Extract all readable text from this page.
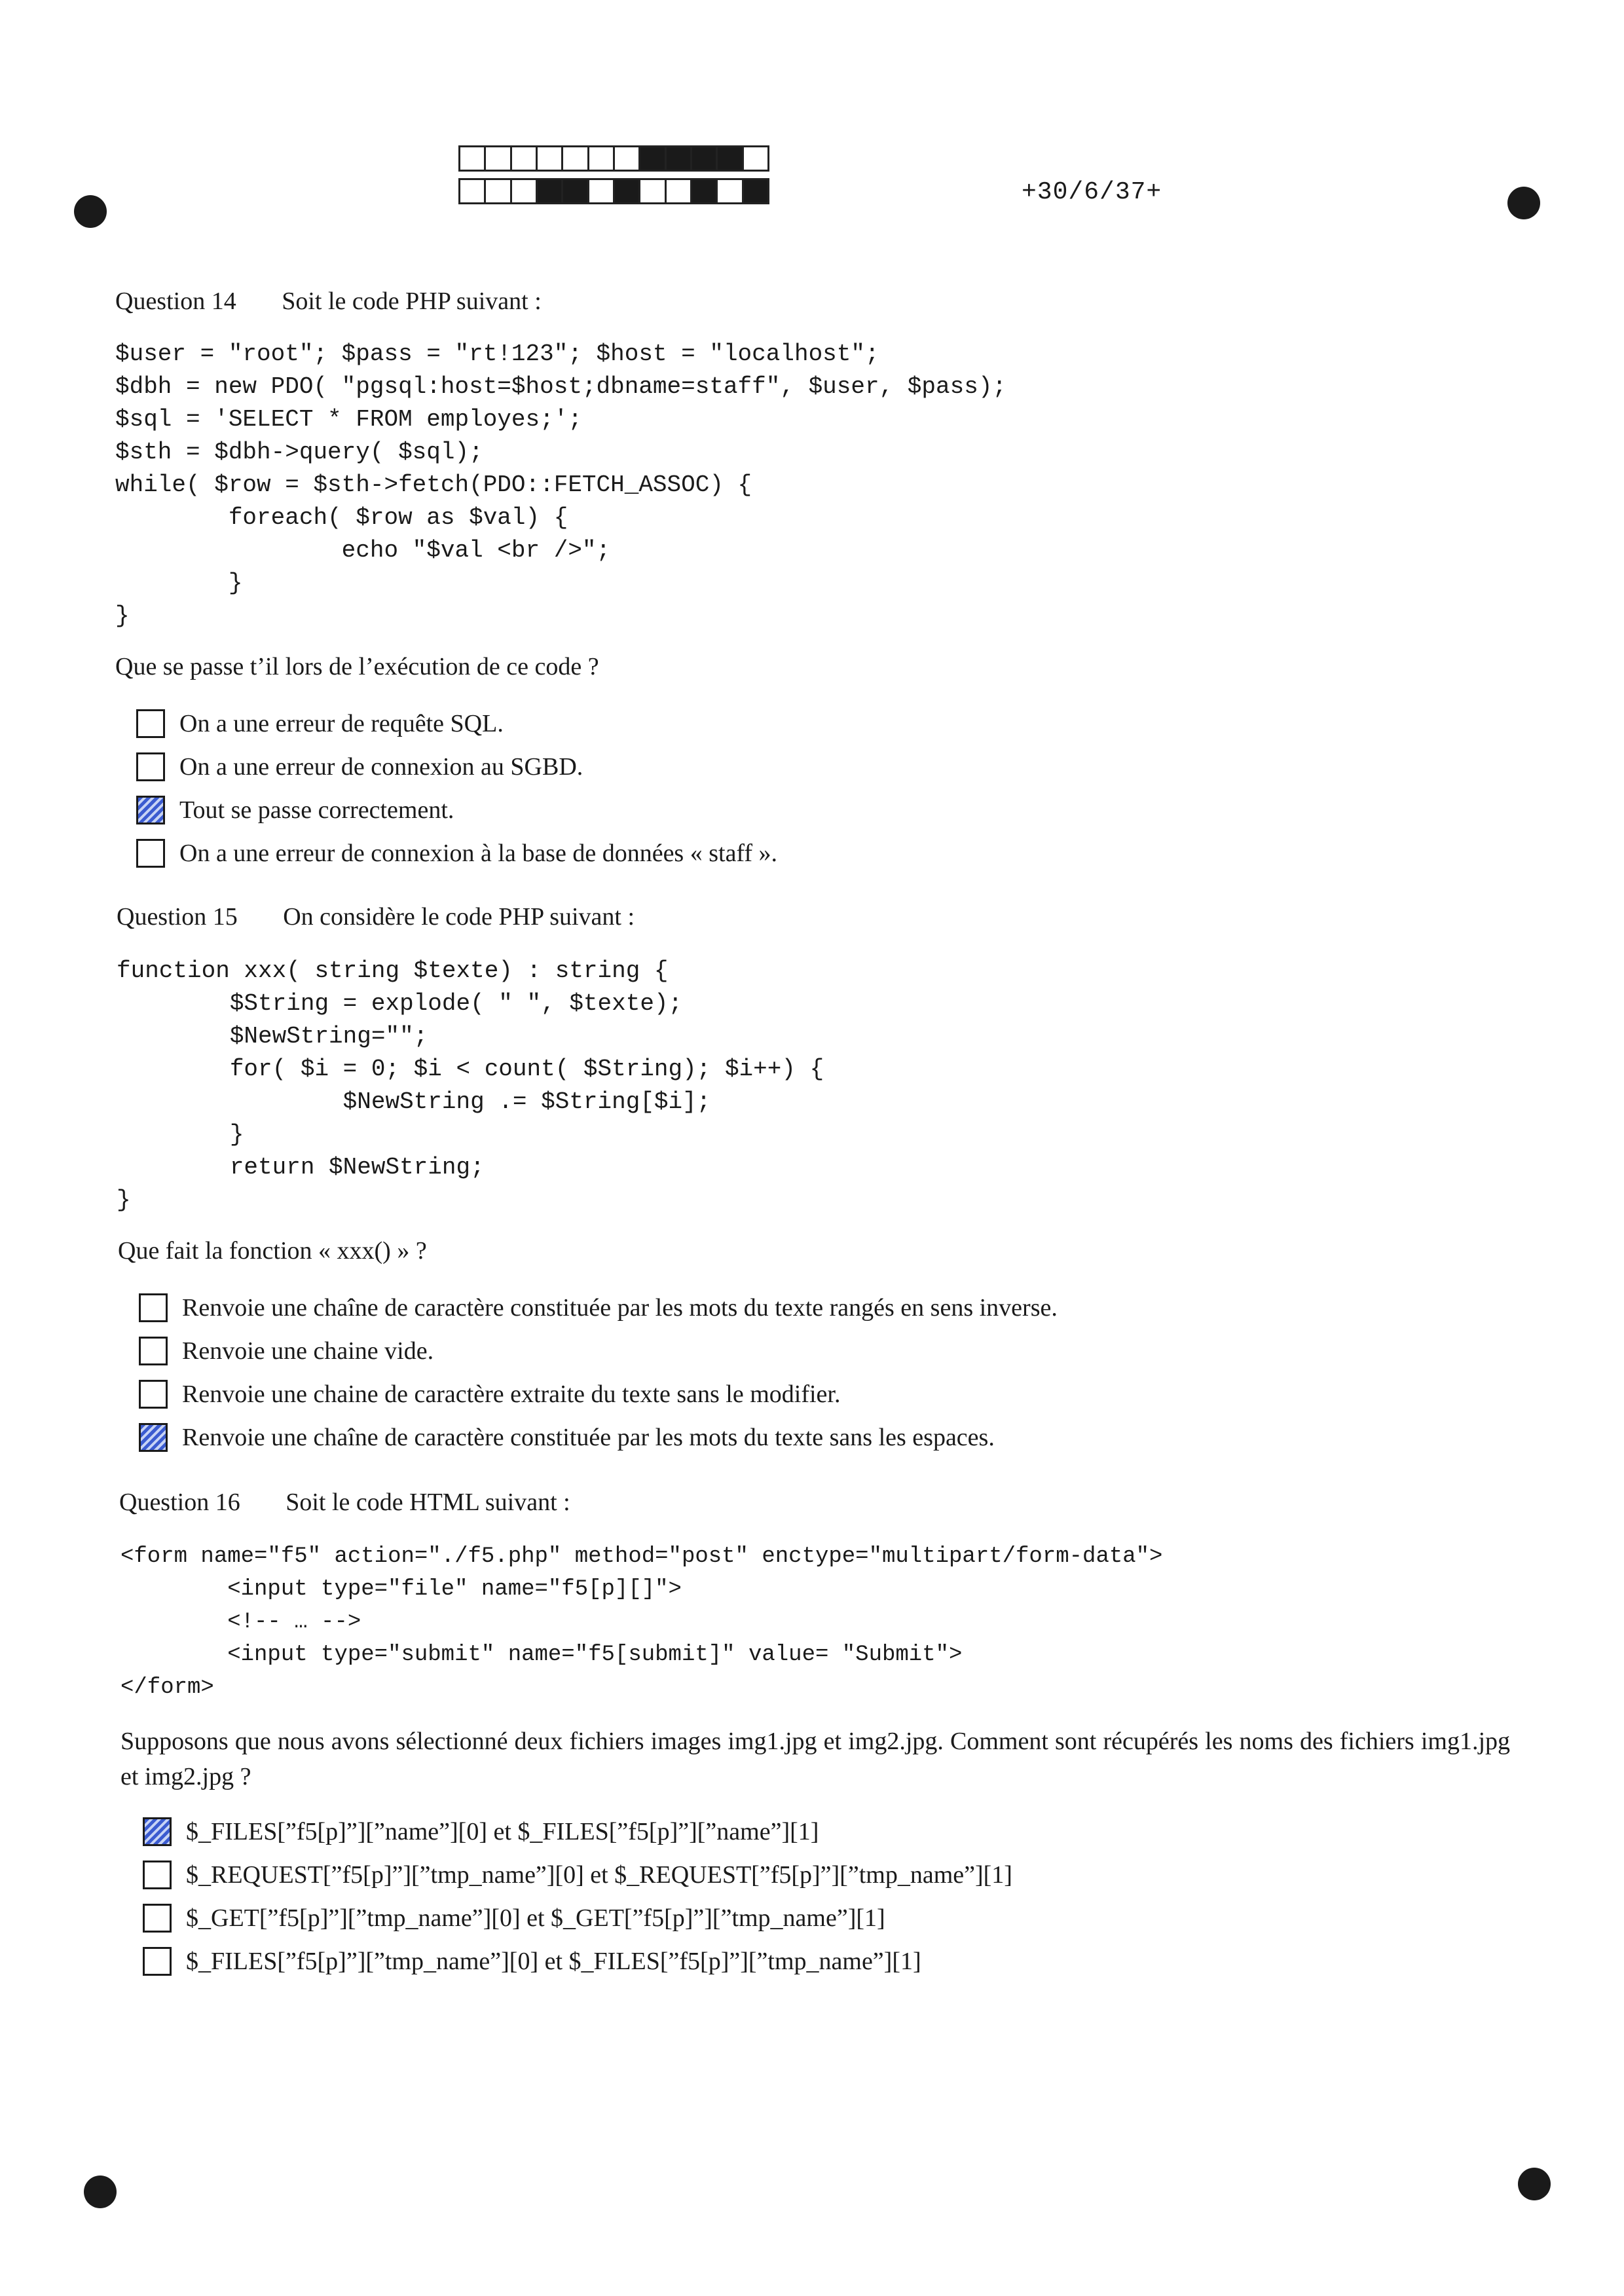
+30/6/37+
Question 14 Soit le code PHP suivant :
$user = "root"; $pass = "rt!123"; $host = "localhost";
$dbh = new PDO( "pgsql:host=$host;dbname=staff", $user, $pass);
$sql = 'SELECT * FROM employes;';
$sth = $dbh->query( $sql);
while( $row = $sth->fetch(PDO::FETCH_ASSOC) {
foreach( $row as $val) {
echo "$val <br />";
}
}
Que se passe t’il lors de l’exécution de ce code ?
On a une erreur de requête SQL.
On a une erreur de connexion au SGBD.
Tout se passe correctement.
On a une erreur de connexion à la base de données « staff ».
Question 15 On considère le code PHP suivant :
function xxx( string $texte) : string {
$String = explode( " ", $texte);
$NewString="";
for( $i = 0; $i < count( $String); $i++) {
$NewString .= $String[$i];
}
return $NewString;
}
Que fait la fonction « xxx() » ?
Renvoie une chaîne de caractère constituée par les mots du texte rangés en sens inverse.
Renvoie une chaine vide.
Renvoie une chaine de caractère extraite du texte sans le modifier.
Renvoie une chaîne de caractère constituée par les mots du texte sans les espaces.
Question 16 Soit le code HTML suivant :
<form name="f5" action="./f5.php" method="post" enctype="multipart/form-data">
<input type="file" name="f5[p][]">
<!-- … -->
<input type="submit" name="f5[submit]" value= "Submit">
</form>
Supposons que nous avons sélectionné deux fichiers images img1.jpg et img2.jpg. Comment sont récupérés les noms des fichiers img1.jpg et img2.jpg ?
$_FILES[”f5[p]”][”name”][0] et $_FILES[”f5[p]”][”name”][1]
$_REQUEST[”f5[p]”][”tmp_name”][0] et $_REQUEST[”f5[p]”][”tmp_name”][1]
$_GET[”f5[p]”][”tmp_name”][0] et $_GET[”f5[p]”][”tmp_name”][1]
$_FILES[”f5[p]”][”tmp_name”][0] et $_FILES[”f5[p]”][”tmp_name”][1]
